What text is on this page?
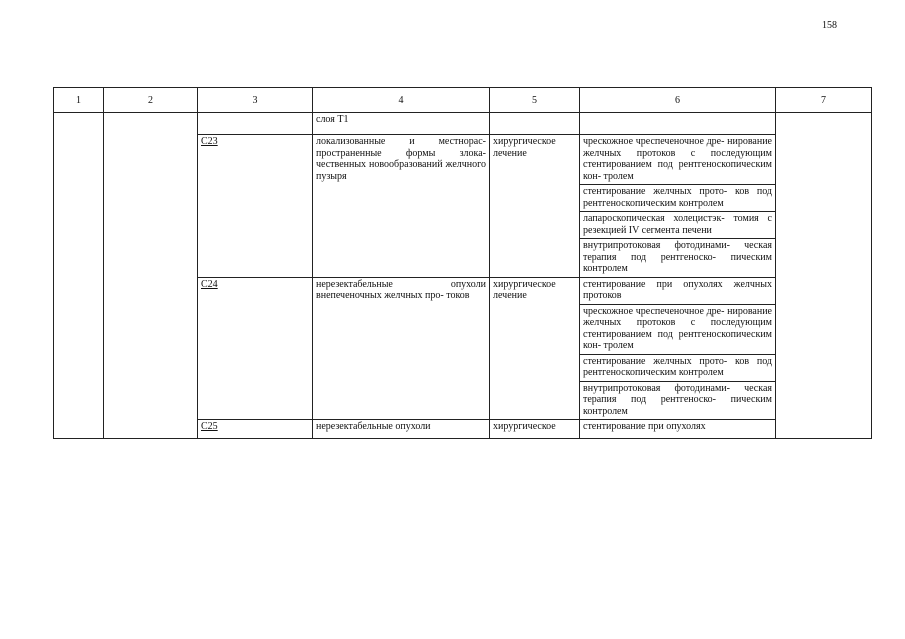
158
1	2	3	4	5	6	7
			слоя Т1			
		C23	локализованные и местнорас- пространенные формы злока- чественных новообразований желчного пузыря	хирургическое лечение	чрескожное чреспеченочное дре- нирование желчных протоков с последующим стентированием под рентгеноскопическим кон- тролем	
					стентирование желчных прото- ков под рентгеноскопическим контролем	
					лапароскопическая холецистэк- томия с резекцией IV сегмента печени	
					внутрипротоковая фотодинами- ческая терапия под рентгеноско- пическим контролем	
		C24	нерезектабельные опухоли внепеченочных желчных про- токов	хирургическое лечение	стентирование при опухолях желчных протоков	
					чрескожное чреспеченочное дре- нирование желчных протоков с последующим стентированием под рентгеноскопическим кон- тролем	
					стентирование желчных прото- ков под рентгеноскопическим контролем	
					внутрипротоковая фотодинами- ческая терапия под рентгеноско- пическим контролем	
		C25	нерезектабельные опухоли	хирургическое	стентирование при опухолях	
